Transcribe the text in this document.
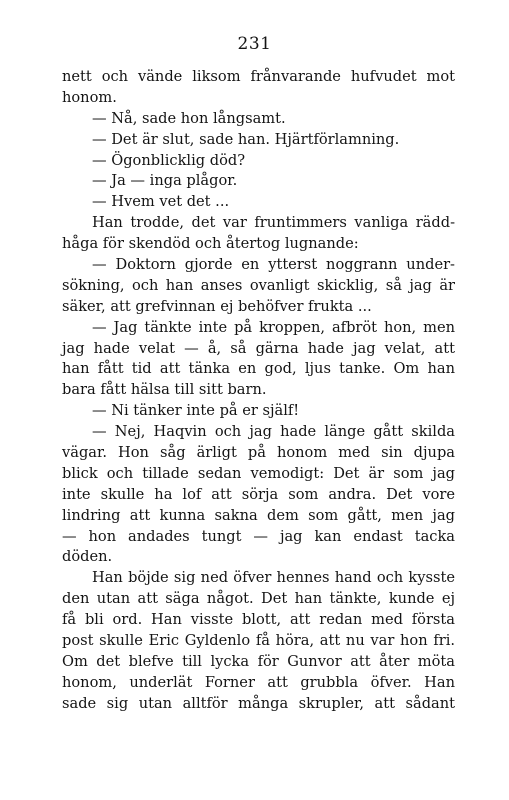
231
nett och vände liksom frånvarande hufvudet mot
honom.
— Nå, sade hon långsamt.
— Det är slut, sade han. Hjärtförlamning.
— Ögonblicklig död?
— Ja — inga plågor.
— Hvem vet det ...
Han trodde, det var fruntimmers vanliga rädd-
håga för skendöd och återtog lugnande:
— Doktorn gjorde en ytterst noggrann under-
sökning, och han anses ovanligt skicklig, så jag är
säker, att grefvinnan ej behöfver frukta ...
— Jag tänkte inte på kroppen, afbröt hon, men
jag hade velat — å, så gärna hade jag velat, att
han fått tid att tänka en god, ljus tanke. Om han
bara fått hälsa till sitt barn.
— Ni tänker inte på er själf!
— Nej, Haqvin och jag hade länge gått skilda
vägar. Hon såg ärligt på honom med sin djupa
blick och tillade sedan vemodigt: Det är som jag
inte skulle ha lof att sörja som andra. Det vore
lindring att kunna sakna dem som gått, men jag
— hon andades tungt — jag kan endast tacka
döden.
Han böjde sig ned öfver hennes hand och kysste
den utan att säga något. Det han tänkte, kunde ej
få bli ord. Han visste blott, att redan med första
post skulle Eric Gyldenlo få höra, att nu var hon fri.
Om det blefve till lycka för Gunvor att åter möta
honom, underlät Forner att grubbla öfver. Han
sade sig utan alltför många skrupler, att sådant
